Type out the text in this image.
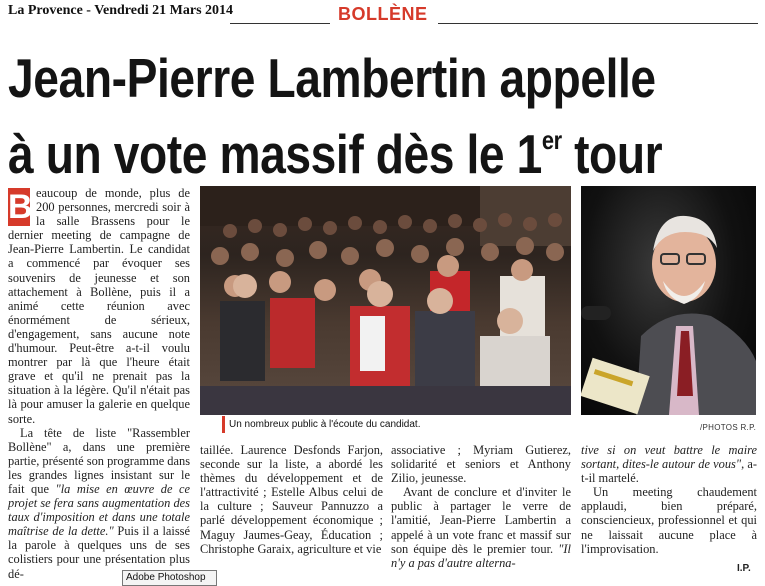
La Provence - Vendredi 21 Mars 2014	BOLLÈNE
Jean-Pierre Lambertin appelle
à un vote massif dès le 1er tour

B eaucoup de monde, plus de 200 personnes, mercredi soir à la salle Brassens pour le dernier meeting de campagne de Jean-Pierre Lambertin. Le candidat a commencé par évoquer ses souvenirs de jeunesse et son attachement à Bollène, puis il a animé cette réunion avec énormément de sérieux, d'engagement, sans aucune note d'humour. Peut-être a-t-il voulu montrer par là que l'heure était grave et qu'il ne prenait pas la situation à la légère. Qu'il n'était pas là pour amuser la galerie en quelque sorte.

La tête de liste "Rassembler Bollène" a, dans une première partie, présenté son programme dans les grandes lignes insistant sur le fait que "la mise en œuvre de ce projet se fera sans augmentation des taux d'imposition et dans une totale maîtrise de la dette." Puis il a laissé la parole à quelques uns de ses colistiers pour une présentation plus dé-

Un nombreux public à l'écoute du candidat.	/PHOTOS R.P.

taillée. Laurence Desfonds Farjon, seconde sur la liste, a abordé les thèmes du développement et de l'attractivité ; Estelle Albus celui de la culture ; Sauveur Pannuzzo a parlé développement économique ; Maguy Jaumes-Geay, Éducation ; Christophe Garaix, agriculture et vie

associative ; Myriam Gutierez, solidarité et seniors et Anthony Zilio, jeunesse.

Avant de conclure et d'inviter le public à partager le verre de l'amitié, Jean-Pierre Lambertin a appelé à un vote franc et massif sur son équipe dès le premier tour. "Il n'y a pas d'autre alterna-

tive si on veut battre le maire sortant, dites-le autour de vous", a-t-il martelé.

Un meeting chaudement applaudi, bien préparé, consciencieux, professionnel et qui ne laissait aucune place à l'improvisation.

I.P.
Adobe Photoshop
